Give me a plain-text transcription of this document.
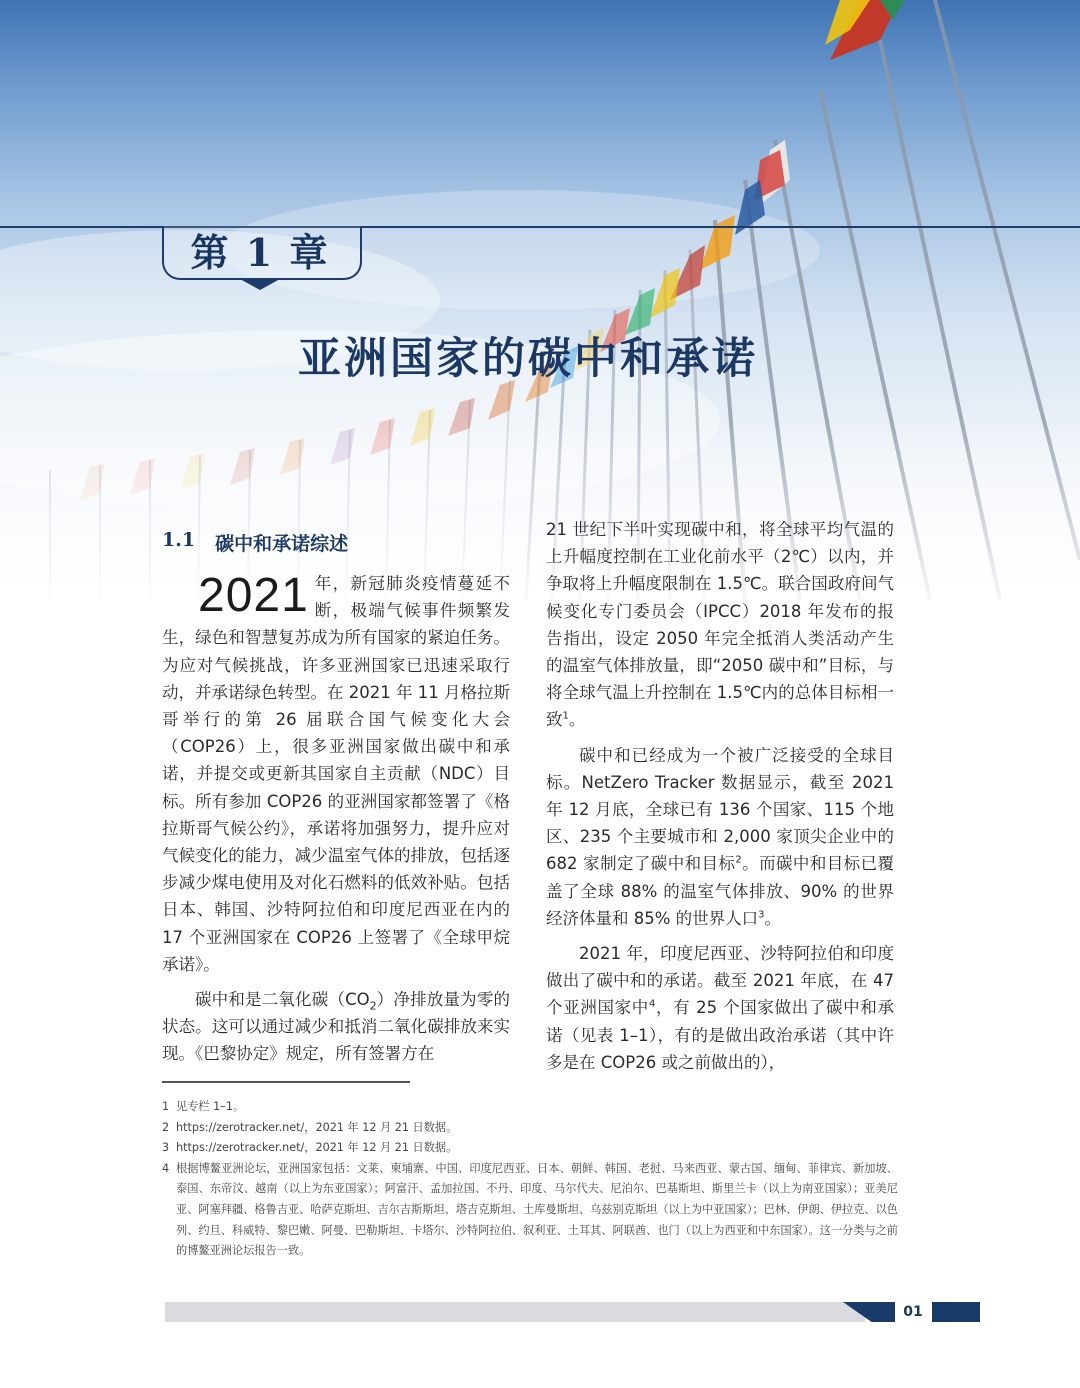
第 1 章
亚洲国家的碳中和承诺
1.1 碳中和承诺综述

2021 年，新冠肺炎疫情蔓延不断，极端气候事件频繁发生，绿色和智慧复苏成为所有国家的紧迫任务。为应对气候挑战，许多亚洲国家已迅速采取行动，并承诺绿色转型。在 2021 年 11 月格拉斯哥举行的第 26 届联合国气候变化大会（COP26）上，很多亚洲国家做出碳中和承诺，并提交或更新其国家自主贡献（NDC）目标。所有参加 COP26 的亚洲国家都签署了《格拉斯哥气候公约》，承诺将加强努力，提升应对气候变化的能力，减少温室气体的排放，包括逐步减少煤电使用及对化石燃料的低效补贴。包括日本、韩国、沙特阿拉伯和印度尼西亚在内的 17 个亚洲国家在 COP26 上签署了《全球甲烷承诺》。

碳中和是二氧化碳$(CO_2)$净排放量为零的状态。这可以通过减少和抵消二氧化碳排放来实现。《巴黎协定》规定，所有签署方在

21 世纪下半叶实现碳中和，将全球平均气温的上升幅度控制在工业化前水平（2℃）以内，并争取将上升幅度限制在 1.5℃。联合国政府间气候变化专门委员会（IPCC）2018 年发布的报告指出，设定 2050 年完全抵消人类活动产生的温室气体排放量，即“2050 碳中和”目标，与将全球气温上升控制在 1.5℃内的总体目标相一致$^1$。

碳中和已经成为一个被广泛接受的全球目标。NetZero Tracker 数据显示，截至 2021 年 12 月底，全球已有 136 个国家、115 个地区、235 个主要城市和 2,000 家顶尖企业中的 682 家制定了碳中和目标$^2$。而碳中和目标已覆盖了全球 88% 的温室气体排放、90% 的世界经济体量和 85% 的世界人口$^3$。

2021 年，印度尼西亚、沙特阿拉伯和印度做出了碳中和的承诺。截至 2021 年底，在 47 个亚洲国家中$^4$，有 25 个国家做出了碳中和承诺（见表 1–1），有的是做出政治承诺（其中许多是在 COP26 或之前做出的），

1 见专栏 1–1。
2 https://zerotracker.net/，2021 年 12 月 21 日数据。
3 https://zerotracker.net/，2021 年 12 月 21 日数据。
4 根据博鳌亚洲论坛，亚洲国家包括：文莱、柬埔寨、中国、印度尼西亚、日本、朝鲜、韩国、老挝、马来西亚、蒙古国、缅甸、菲律宾、新加坡、泰国、东帝汶、越南（以上为东亚国家）；阿富汗、孟加拉国、不丹、印度、马尔代夫、尼泊尔、巴基斯坦、斯里兰卡（以上为南亚国家）；亚美尼亚、阿塞拜疆、格鲁吉亚、哈萨克斯坦、吉尔吉斯斯坦、塔吉克斯坦、土库曼斯坦、乌兹别克斯坦（以上为中亚国家）；巴林、伊朗、伊拉克、以色列、约旦、科威特、黎巴嫩、阿曼、巴勒斯坦、卡塔尔、沙特阿拉伯、叙利亚、土耳其、阿联酋、也门（以上为西亚和中东国家）。这一分类与之前的博鳌亚洲论坛报告一致。
01
